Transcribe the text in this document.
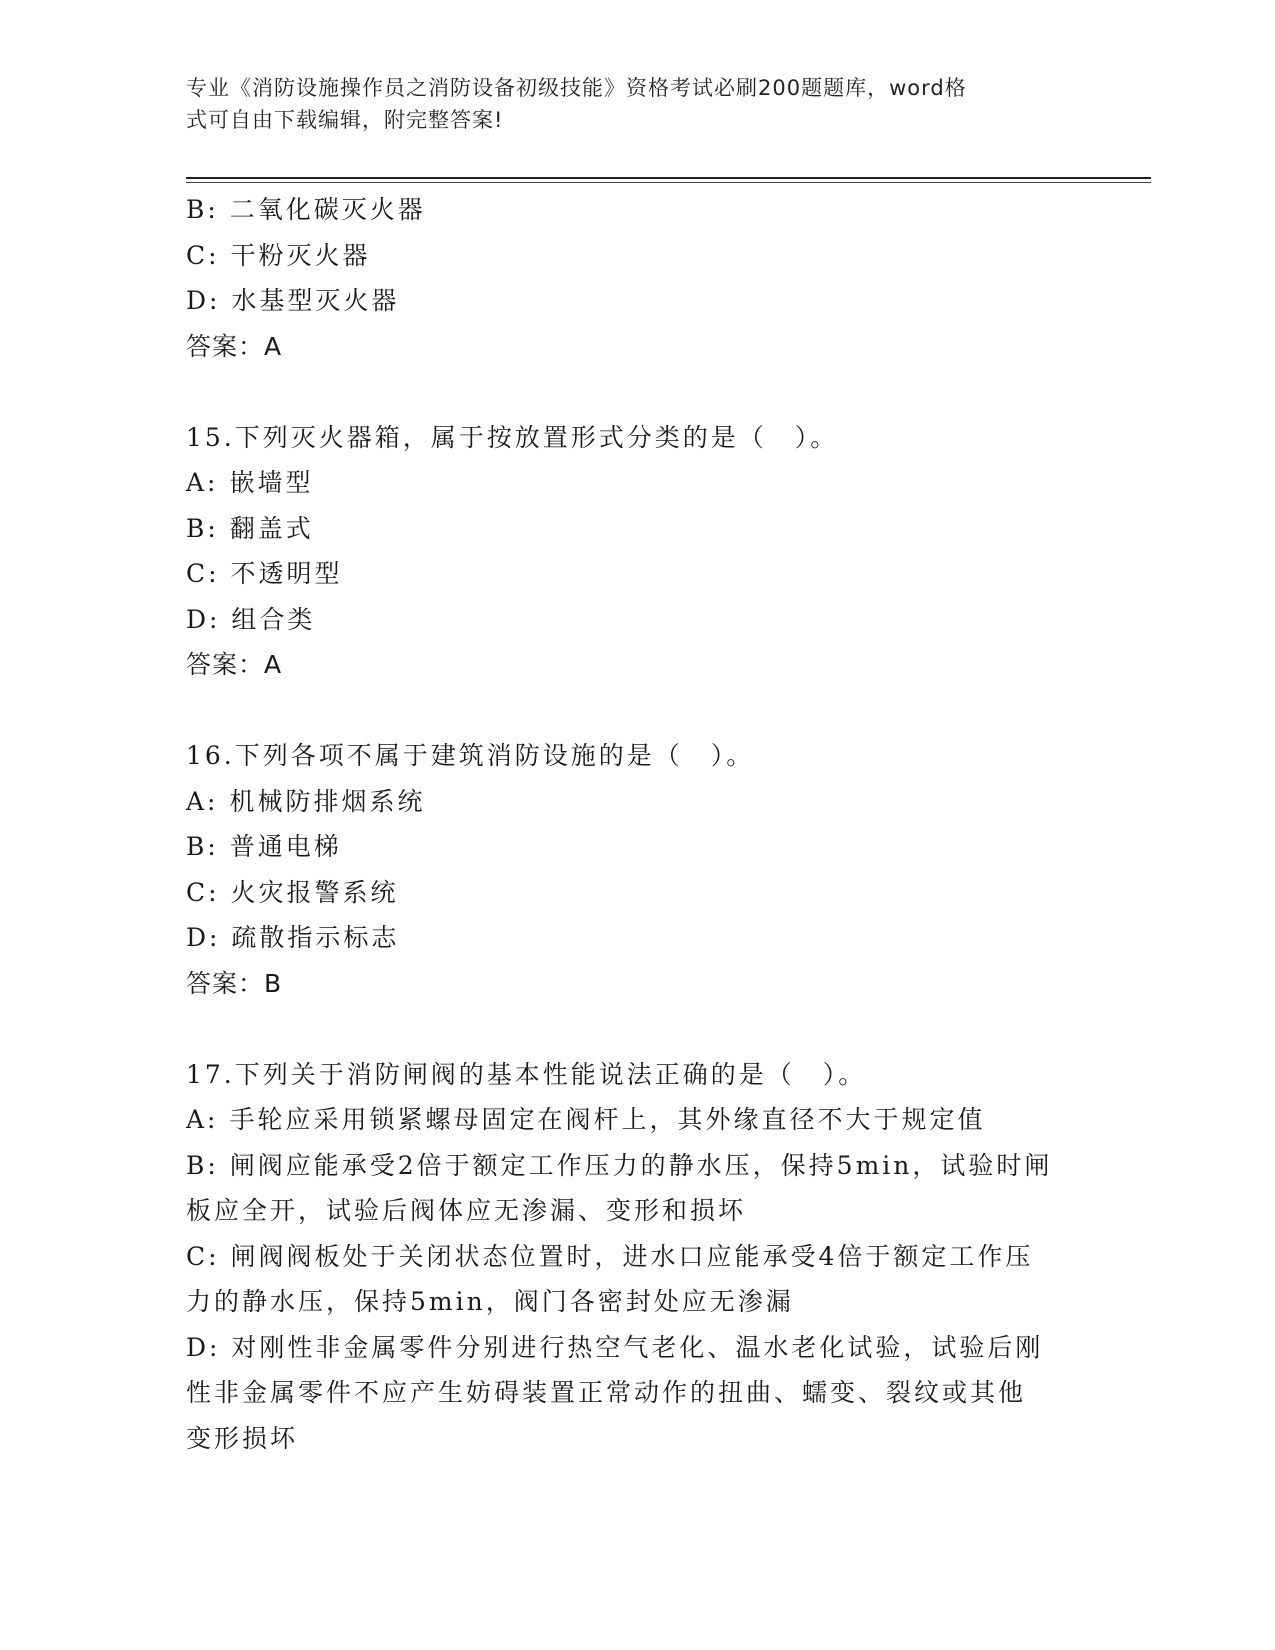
专业《消防设施操作员之消防设备初级技能》资格考试必刷200题题库，word格
式可自由下载编辑，附完整答案!
B: 二氧化碳灭火器
C: 干粉灭火器
D: 水基型灭火器
答案：A
15.下列灭火器箱，属于按放置形式分类的是（　）。
A: 嵌墙型
B: 翻盖式
C: 不透明型
D: 组合类
答案：A
16.下列各项不属于建筑消防设施的是（　）。
A: 机械防排烟系统
B: 普通电梯
C: 火灾报警系统
D: 疏散指示标志
答案：B
17.下列关于消防闸阀的基本性能说法正确的是（　）。
A: 手轮应采用锁紧螺母固定在阀杆上，其外缘直径不大于规定值
B: 闸阀应能承受2倍于额定工作压力的静水压，保持5min，试验时闸
板应全开，试验后阀体应无渗漏、变形和损坏
C: 闸阀阀板处于关闭状态位置时，进水口应能承受4倍于额定工作压
力的静水压，保持5min，阀门各密封处应无渗漏
D: 对刚性非金属零件分别进行热空气老化、温水老化试验，试验后刚
性非金属零件不应产生妨碍装置正常动作的扭曲、蠕变、裂纹或其他
变形损坏
